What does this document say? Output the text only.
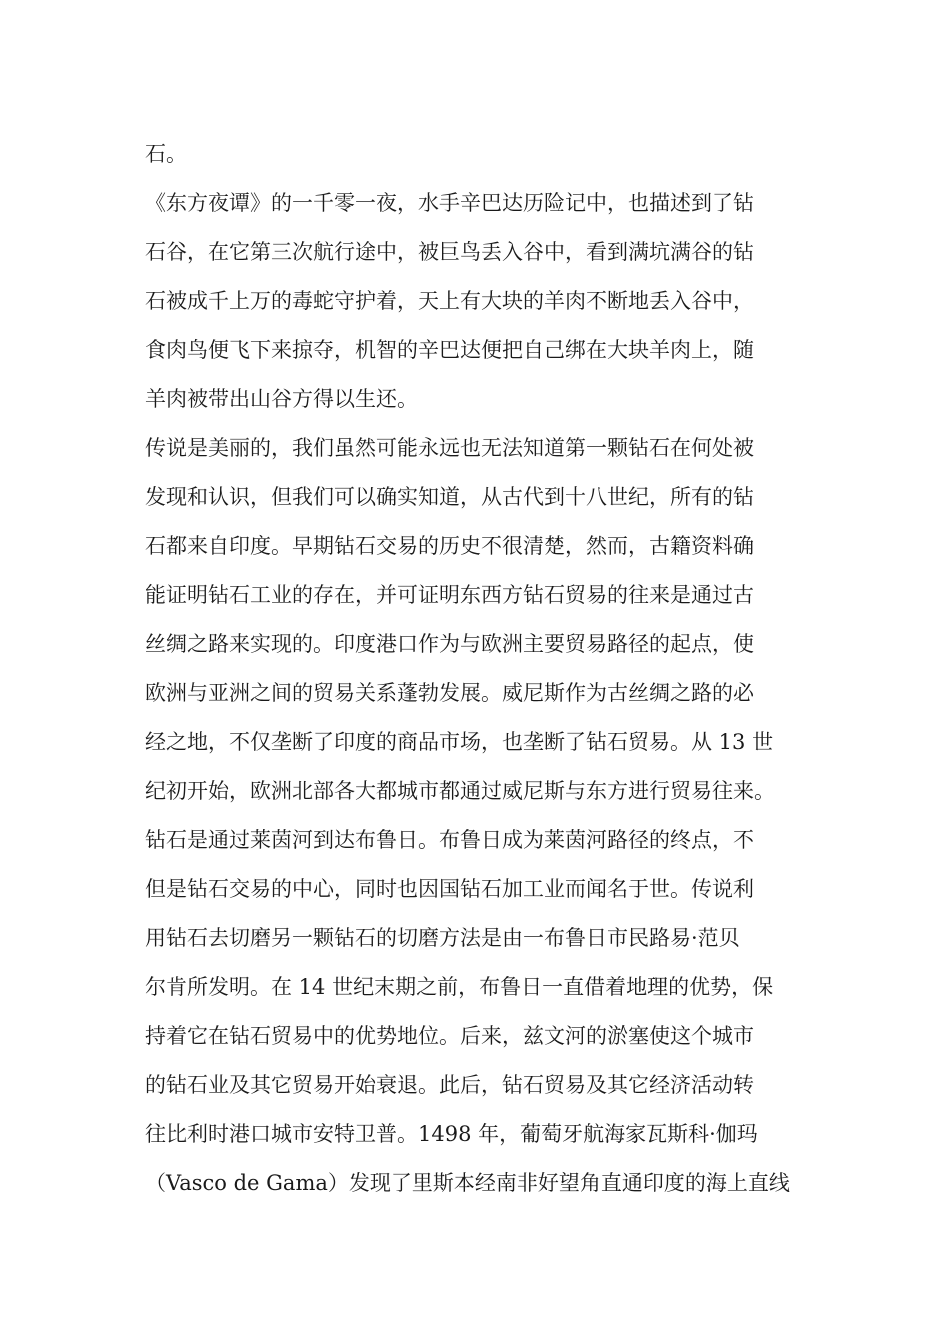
石。

《东方夜谭》的一千零一夜，水手辛巴达历险记中，也描述到了钻

石谷，在它第三次航行途中，被巨鸟丢入谷中，看到满坑满谷的钻

石被成千上万的毒蛇守护着，天上有大块的羊肉不断地丢入谷中，

食肉鸟便飞下来掠夺，机智的辛巴达便把自己绑在大块羊肉上，随

羊肉被带出山谷方得以生还。

传说是美丽的，我们虽然可能永远也无法知道第一颗钻石在何处被

发现和认识，但我们可以确实知道，从古代到十八世纪，所有的钻

石都来自印度。早期钻石交易的历史不很清楚，然而，古籍资料确

能证明钻石工业的存在，并可证明东西方钻石贸易的往来是通过古

丝绸之路来实现的。印度港口作为与欧洲主要贸易路径的起点，使

欧洲与亚洲之间的贸易关系蓬勃发展。威尼斯作为古丝绸之路的必

经之地，不仅垄断了印度的商品市场，也垄断了钻石贸易。从 13 世

纪初开始，欧洲北部各大都城市都通过威尼斯与东方进行贸易往来。

钻石是通过莱茵河到达布鲁日。布鲁日成为莱茵河路径的终点，不

但是钻石交易的中心，同时也因国钻石加工业而闻名于世。传说利

用钻石去切磨另一颗钻石的切磨方法是由一布鲁日市民路易·范贝

尔肯所发明。在 14 世纪末期之前，布鲁日一直借着地理的优势，保

持着它在钻石贸易中的优势地位。后来，兹文河的淤塞使这个城市

的钻石业及其它贸易开始衰退。此后，钻石贸易及其它经济活动转

往比利时港口城市安特卫普。1498 年，葡萄牙航海家瓦斯科·伽玛

（Vasco de Gama）发现了里斯本经南非好望角直通印度的海上直线
